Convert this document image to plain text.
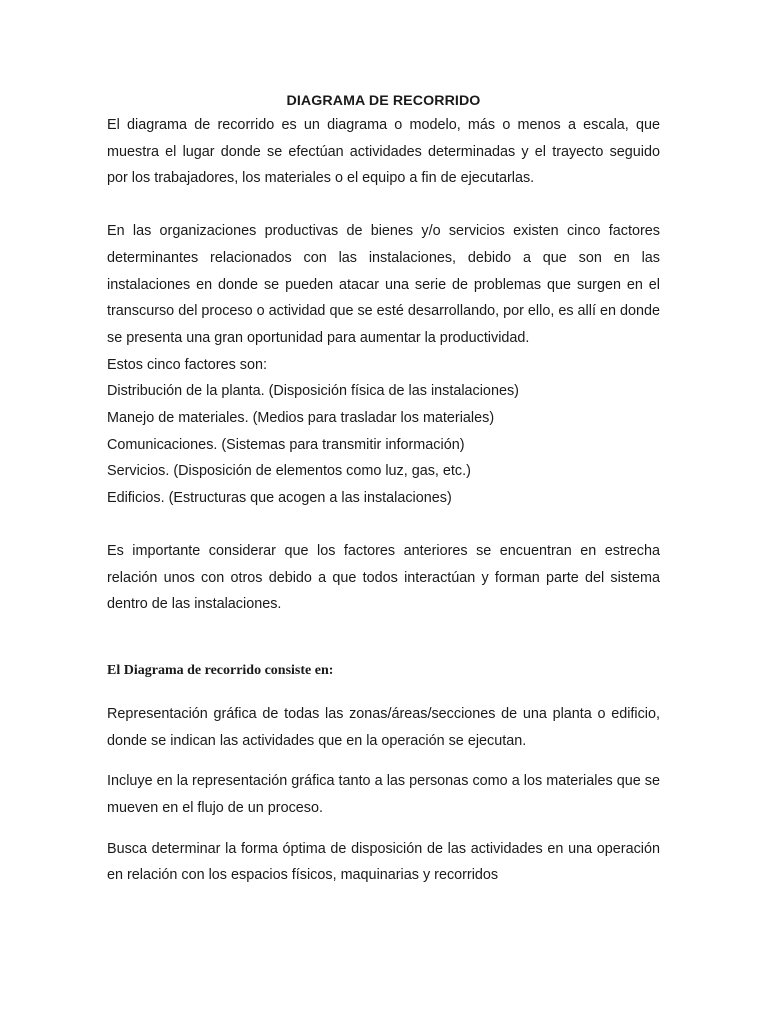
DIAGRAMA DE RECORRIDO

El diagrama de recorrido es un diagrama o modelo, más o menos a escala, que muestra el lugar donde se efectúan actividades determinadas y el trayecto seguido por los trabajadores, los materiales o el equipo a fin de ejecutarlas.

En las organizaciones productivas de bienes y/o servicios existen cinco factores determinantes relacionados con las instalaciones, debido a que son en las instalaciones en donde se pueden atacar una serie de problemas que surgen en el transcurso del proceso o actividad que se esté desarrollando, por ello, es allí en donde se presenta una gran oportunidad para aumentar la productividad.

Estos cinco factores son:

Distribución de la planta. (Disposición física de las instalaciones)
Manejo de materiales. (Medios para trasladar los materiales)
Comunicaciones. (Sistemas para transmitir información)
Servicios. (Disposición de elementos como luz, gas, etc.)
Edificios. (Estructuras que acogen a las instalaciones)

Es importante considerar que los factores anteriores se encuentran en estrecha relación unos con otros debido a que todos interactúan y forman parte del sistema dentro de las instalaciones.

El Diagrama de recorrido consiste en:

Representación gráfica de todas las zonas/áreas/secciones de una planta o edificio, donde se indican las actividades que en la operación se ejecutan.

Incluye en la representación gráfica tanto a las personas como a los materiales que se mueven en el flujo de un proceso.

Busca determinar la forma óptima de disposición de las actividades en una operación en relación con los espacios físicos, maquinarias y recorridos
